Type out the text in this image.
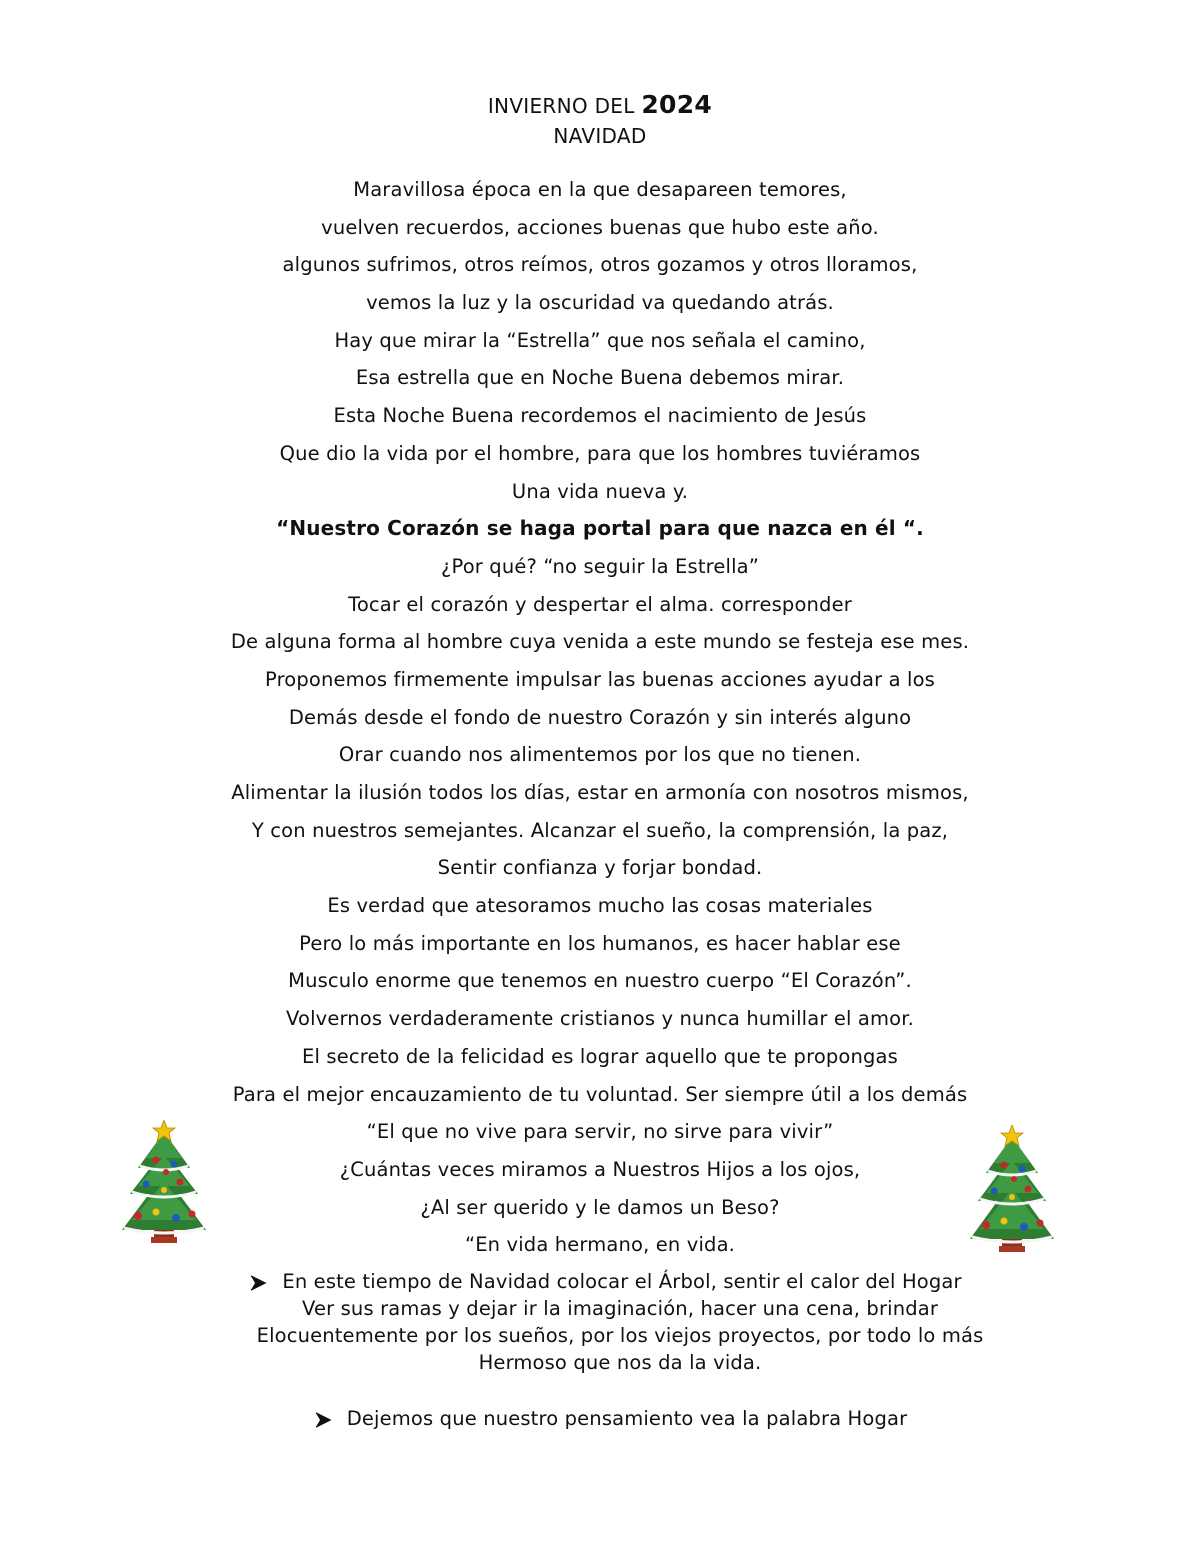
INVIERNO DEL 2024
NAVIDAD
Maravillosa época en la que desapareen temores,
vuelven recuerdos, acciones buenas que hubo este año.
algunos sufrimos, otros reímos, otros gozamos y otros lloramos,
vemos la luz y la oscuridad va quedando atrás.
Hay que mirar la “Estrella” que nos señala el camino,
Esa estrella que en Noche Buena debemos mirar.
Esta Noche Buena recordemos el nacimiento de Jesús
Que dio la vida por el hombre, para que los hombres tuviéramos
Una vida nueva y.
“Nuestro Corazón se haga portal para que nazca en él “.
¿Por qué? “no seguir la Estrella”
Tocar el corazón y despertar el alma. corresponder
De alguna forma al hombre cuya venida a este mundo se festeja ese mes.
Proponemos firmemente impulsar las buenas acciones ayudar a los
Demás desde el fondo de nuestro Corazón y sin interés alguno
Orar cuando nos alimentemos por los que no tienen.
Alimentar la ilusión todos los días, estar en armonía con nosotros mismos,
Y con nuestros semejantes. Alcanzar el sueño, la comprensión, la paz,
Sentir confianza y forjar bondad.
Es verdad que atesoramos mucho las cosas materiales
Pero lo más importante en los humanos, es hacer hablar ese
Musculo enorme que tenemos en nuestro cuerpo “El Corazón”.
Volvernos verdaderamente cristianos y nunca humillar el amor.
El secreto de la felicidad es lograr aquello que te propongas
Para el mejor encauzamiento de tu voluntad. Ser siempre útil a los demás
“El que no vive para servir, no sirve para vivir”
¿Cuántas veces miramos a Nuestros Hijos a los ojos,
¿Al ser querido y le damos un Beso?
“En vida hermano, en vida.
En este tiempo de Navidad colocar el Árbol, sentir el calor del Hogar
Ver sus ramas y dejar ir la imaginación, hacer una cena, brindar
Elocuentemente por los sueños, por los viejos proyectos, por todo lo más
Hermoso que nos da la vida.
Dejemos que nuestro pensamiento vea la palabra Hogar
